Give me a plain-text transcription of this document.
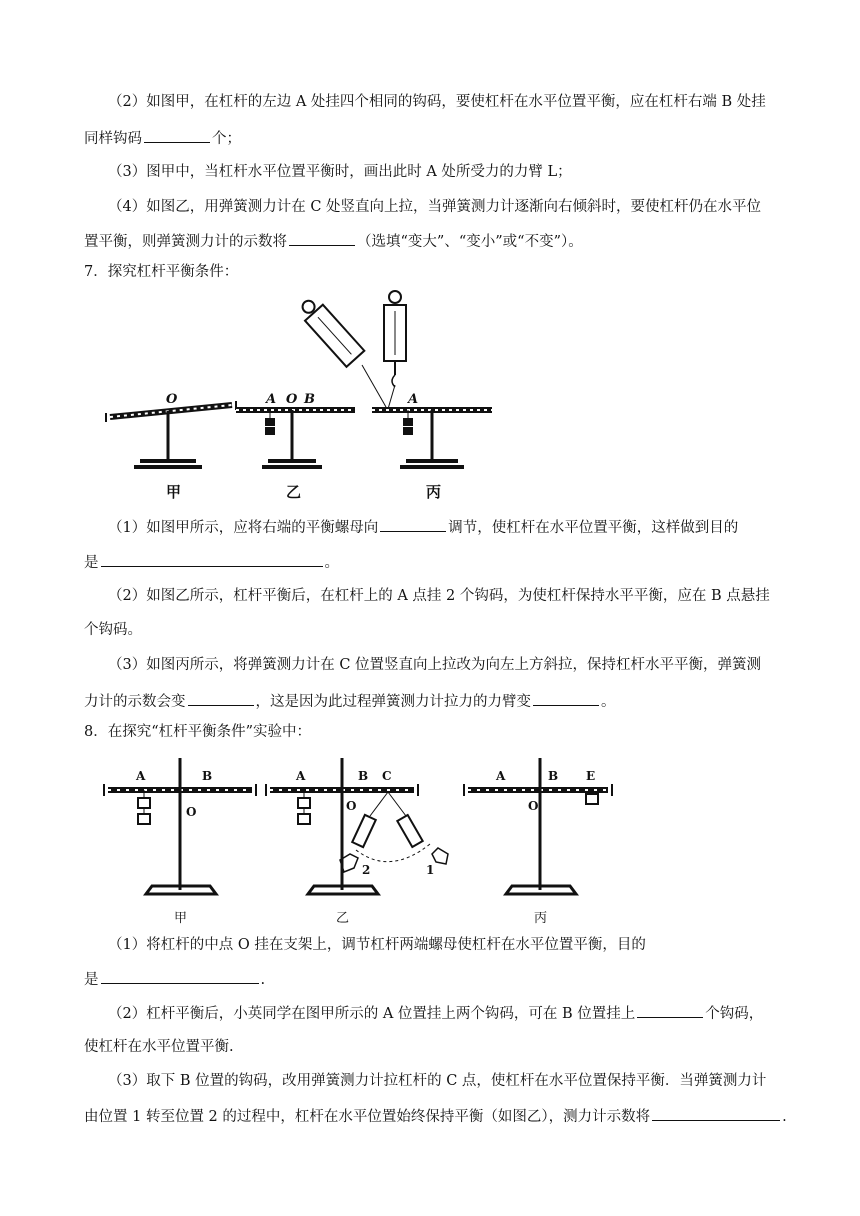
（2）如图甲，在杠杆的左边 A 处挂四个相同的钩码，要使杠杆在水平位置平衡，应在杠杆右端 B 处挂
同样钩码	个；
（3）图甲中，当杠杆水平位置平衡时，画出此时 A 处所受力的力臂 L；
（4）如图乙，用弹簧测力计在 C 处竖直向上拉，当弹簧测力计逐渐向右倾斜时，要使杠杆仍在水平位
置平衡，则弹簧测力计的示数将	（选填“变大”、“变小”或“不变”）。
7．探究杠杆平衡条件：
O	A O B	A
甲	乙	丙
（1）如图甲所示，应将右端的平衡螺母向	调节，使杠杆在水平位置平衡，这样做到目的
是	。
（2）如图乙所示，杠杆平衡后，在杠杆上的 A 点挂 2 个钩码，为使杠杆保持水平平衡，应在 B 点悬挂
个钩码。
（3）如图丙所示，将弹簧测力计在 C 位置竖直向上拉改为向左上方斜拉，保持杠杆水平平衡，弹簧测
力计的示数会变	，这是因为此过程弹簧测力计拉力的力臂变	。
8．在探究“杠杆平衡条件”实验中：
A	B
O
A	B C
O
2	1
A	B E
O
甲	乙	丙
（1）将杠杆的中点 O 挂在支架上，调节杠杆两端螺母使杠杆在水平位置平衡，目的
是	.
（2）杠杆平衡后，小英同学在图甲所示的 A 位置挂上两个钩码，可在 B 位置挂上	个钩码，
使杠杆在水平位置平衡.
（3）取下 B 位置的钩码，改用弹簧测力计拉杠杆的 C 点，使杠杆在水平位置保持平衡．当弹簧测力计
由位置 1 转至位置 2 的过程中，杠杆在水平位置始终保持平衡（如图乙），测力计示数将	.
